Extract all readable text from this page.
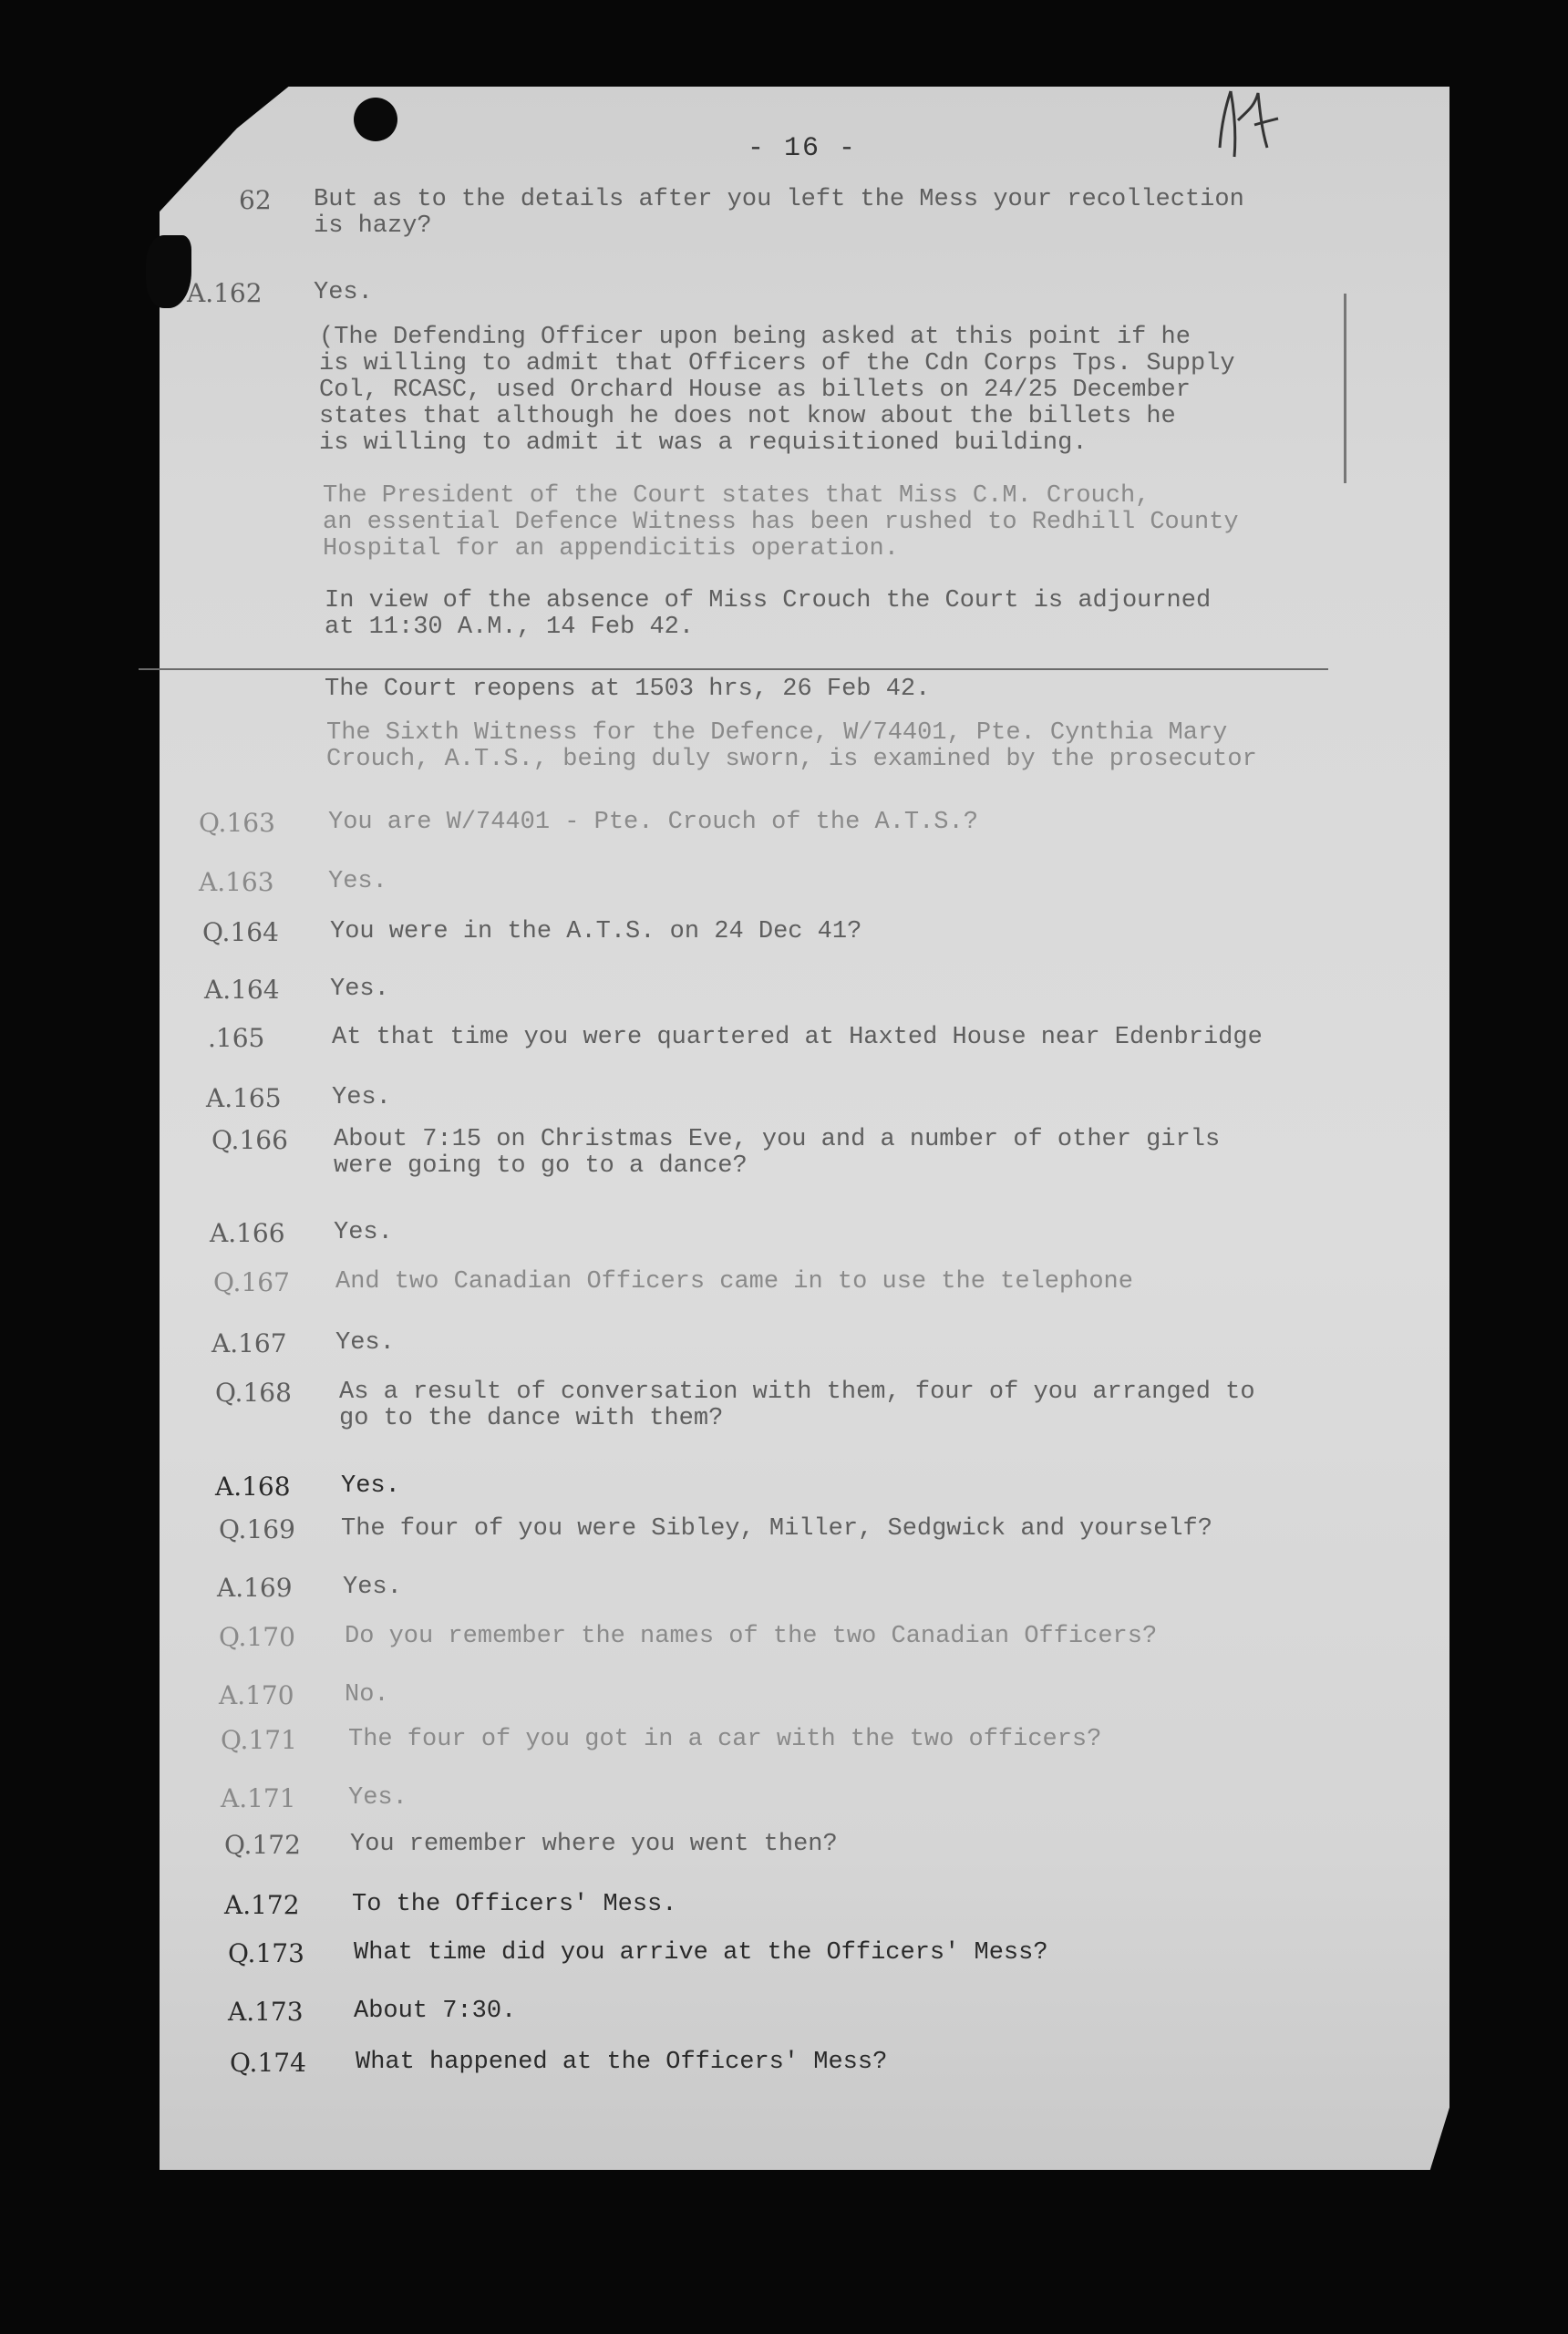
- 16 -
62 But as to the details after you left the Mess your recollection
is hazy?
A.162 Yes.
(The Defending Officer upon being asked at this point if he
is willing to admit that Officers of the Cdn Corps Tps. Supply
Col, RCASC, used Orchard House as billets on 24/25 December
states that although he does not know about the billets he
is willing to admit it was a requisitioned building.
The President of the Court states that Miss C.M. Crouch,
an essential Defence Witness has been rushed to Redhill County
Hospital for an appendicitis operation.
In view of the absence of Miss Crouch the Court is adjourned
at 11:30 A.M., 14 Feb 42.
The Court reopens at 1503 hrs, 26 Feb 42.
The Sixth Witness for the Defence, W/74401, Pte. Cynthia Mary
Crouch, A.T.S., being duly sworn, is examined by the prosecutor
Q.163 You are W/74401 - Pte. Crouch of the A.T.S.?
A.163 Yes.
Q.164 You were in the A.T.S. on 24 Dec 41?
A.164 Yes.
.165	At that time you were quartered at Haxted House near Edenbridge
A.165 Yes.
Q.166 About 7:15 on Christmas Eve, you and a number of other girls
were going to go to a dance?
A.166 Yes.
Q.167 And two Canadian Officers came in to use the telephone
A.167 Yes.
Q.168 As a result of conversation with them, four of you arranged to
go to the dance with them?
A.168 Yes.
Q.169 The four of you were Sibley, Miller, Sedgwick and yourself?
A.169 Yes.
Q.170 Do you remember the names of the two Canadian Officers?
A.170 No.
Q.171 The four of you got in a car with the two officers?
A.171 Yes.
Q.172 You remember where you went then?
A.172 To the Officers' Mess.
Q.173 What time did you arrive at the Officers' Mess?
A.173 About 7:30.
Q.174 What happened at the Officers' Mess?
